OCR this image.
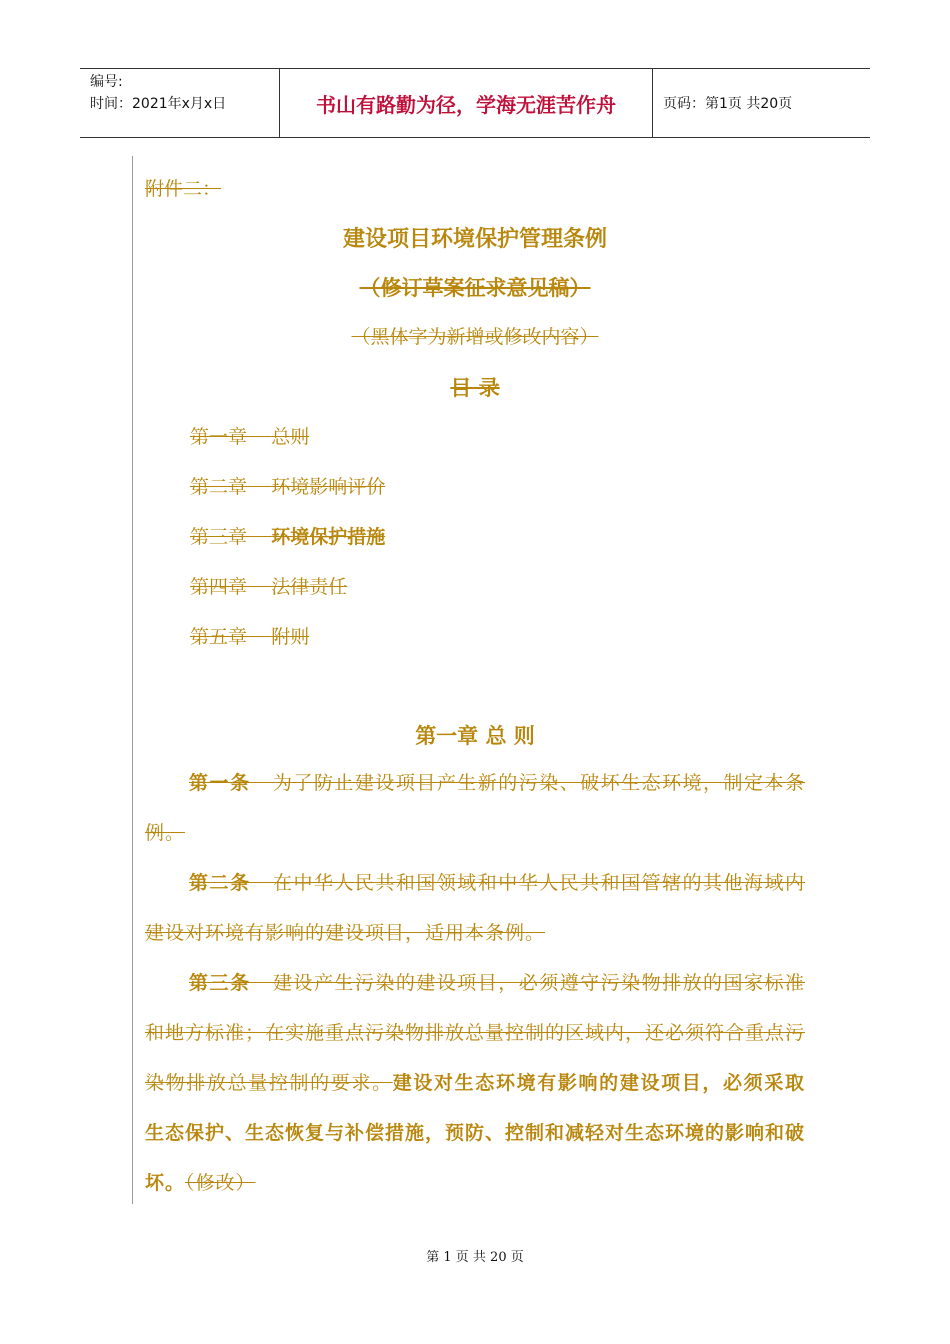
编号:
时间：2021年x月x日	书山有路勤为径，学海无涯苦作舟	页码：第1页 共20页
附件二：
建设项目环境保护管理条例
（修订草案征求意见稿）
（黑体字为新增或修改内容）
目 录
第一章 总则
第二章 环境影响评价
第三章 环境保护措施
第四章 法律责任
第五章 附则
第一章 总 则
第一条 为了防止建设项目产生新的污染、破坏生态环境，制定本条例。
第二条 在中华人民共和国领域和中华人民共和国管辖的其他海域内建设对环境有影响的建设项目，适用本条例。
第三条 建设产生污染的建设项目，必须遵守污染物排放的国家标准和地方标准；在实施重点污染物排放总量控制的区域内，还必须符合重点污染物排放总量控制的要求。建设对生态环境有影响的建设项目，必须采取生态保护、生态恢复与补偿措施，预防、控制和减轻对生态环境的影响和破坏。（修改）
第 1 页 共 20 页
